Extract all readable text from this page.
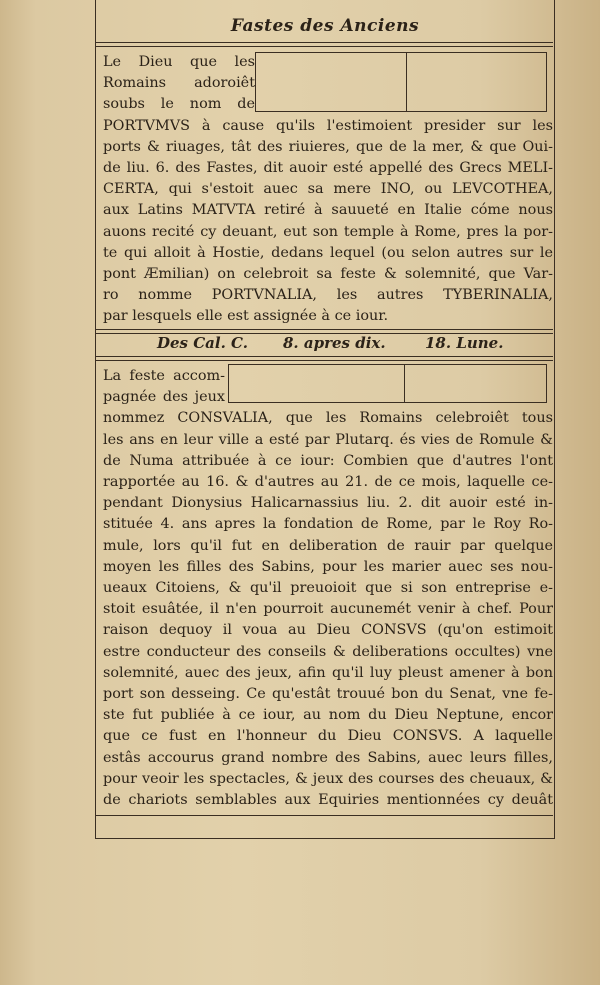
Fastes des Anciens
Le Dieu que les
Romains adoroiêt
soubs le nom de
PORTVMVS à cause qu'ils l'estimoient presider sur les
ports & riuages, tât des riuieres, que de la mer, & que Oui-
de liu. 6. des Fastes, dit auoir esté appellé des Grecs MELI-
CERTA, qui s'estoit auec sa mere INO, ou LEVCOTHEA,
aux Latins MATVTA retiré à sauueté en Italie cóme nous
auons recité cy deuant, eut son temple à Rome, pres la por-
te qui alloit à Hostie, dedans lequel (ou selon autres sur le
pont Æmilian) on celebroit sa feste & solemnité, que Var-
ro nomme PORTVNALIA, les autres TYBERINALIA,
par lesquels elle est assignée à ce iour.
Des Cal. C. 8. apres dix.	18. Lune.
La feste accom-
pagnée des jeux
nommez CONSVALIA, que les Romains celebroiêt tous
les ans en leur ville a esté par Plutarq. és vies de Romule &
de Numa attribuée à ce iour: Combien que d'autres l'ont
rapportée au 16. & d'autres au 21. de ce mois, laquelle ce-
pendant Dionysius Halicarnassius liu. 2. dit auoir esté in-
stituée 4. ans apres la fondation de Rome, par le Roy Ro-
mule, lors qu'il fut en deliberation de rauir par quelque
moyen les filles des Sabins, pour les marier auec ses nou-
ueaux Citoiens, & qu'il preuoioit que si son entreprise e-
stoit esuâtée, il n'en pourroit aucunemét venir à chef. Pour
raison dequoy il voua au Dieu CONSVS (qu'on estimoit
estre conducteur des conseils & deliberations occultes) vne
solemnité, auec des jeux, afin qu'il luy pleust amener à bon
port son desseing. Ce qu'estât trouué bon du Senat, vne fe-
ste fut publiée à ce iour, au nom du Dieu Neptune, encor
que ce fust en l'honneur du Dieu CONSVS. A laquelle
estâs accourus grand nombre des Sabins, auec leurs filles,
pour veoir les spectacles, & jeux des courses des cheuaux, &
de chariots semblables aux Equiries mentionnées cy deuât
